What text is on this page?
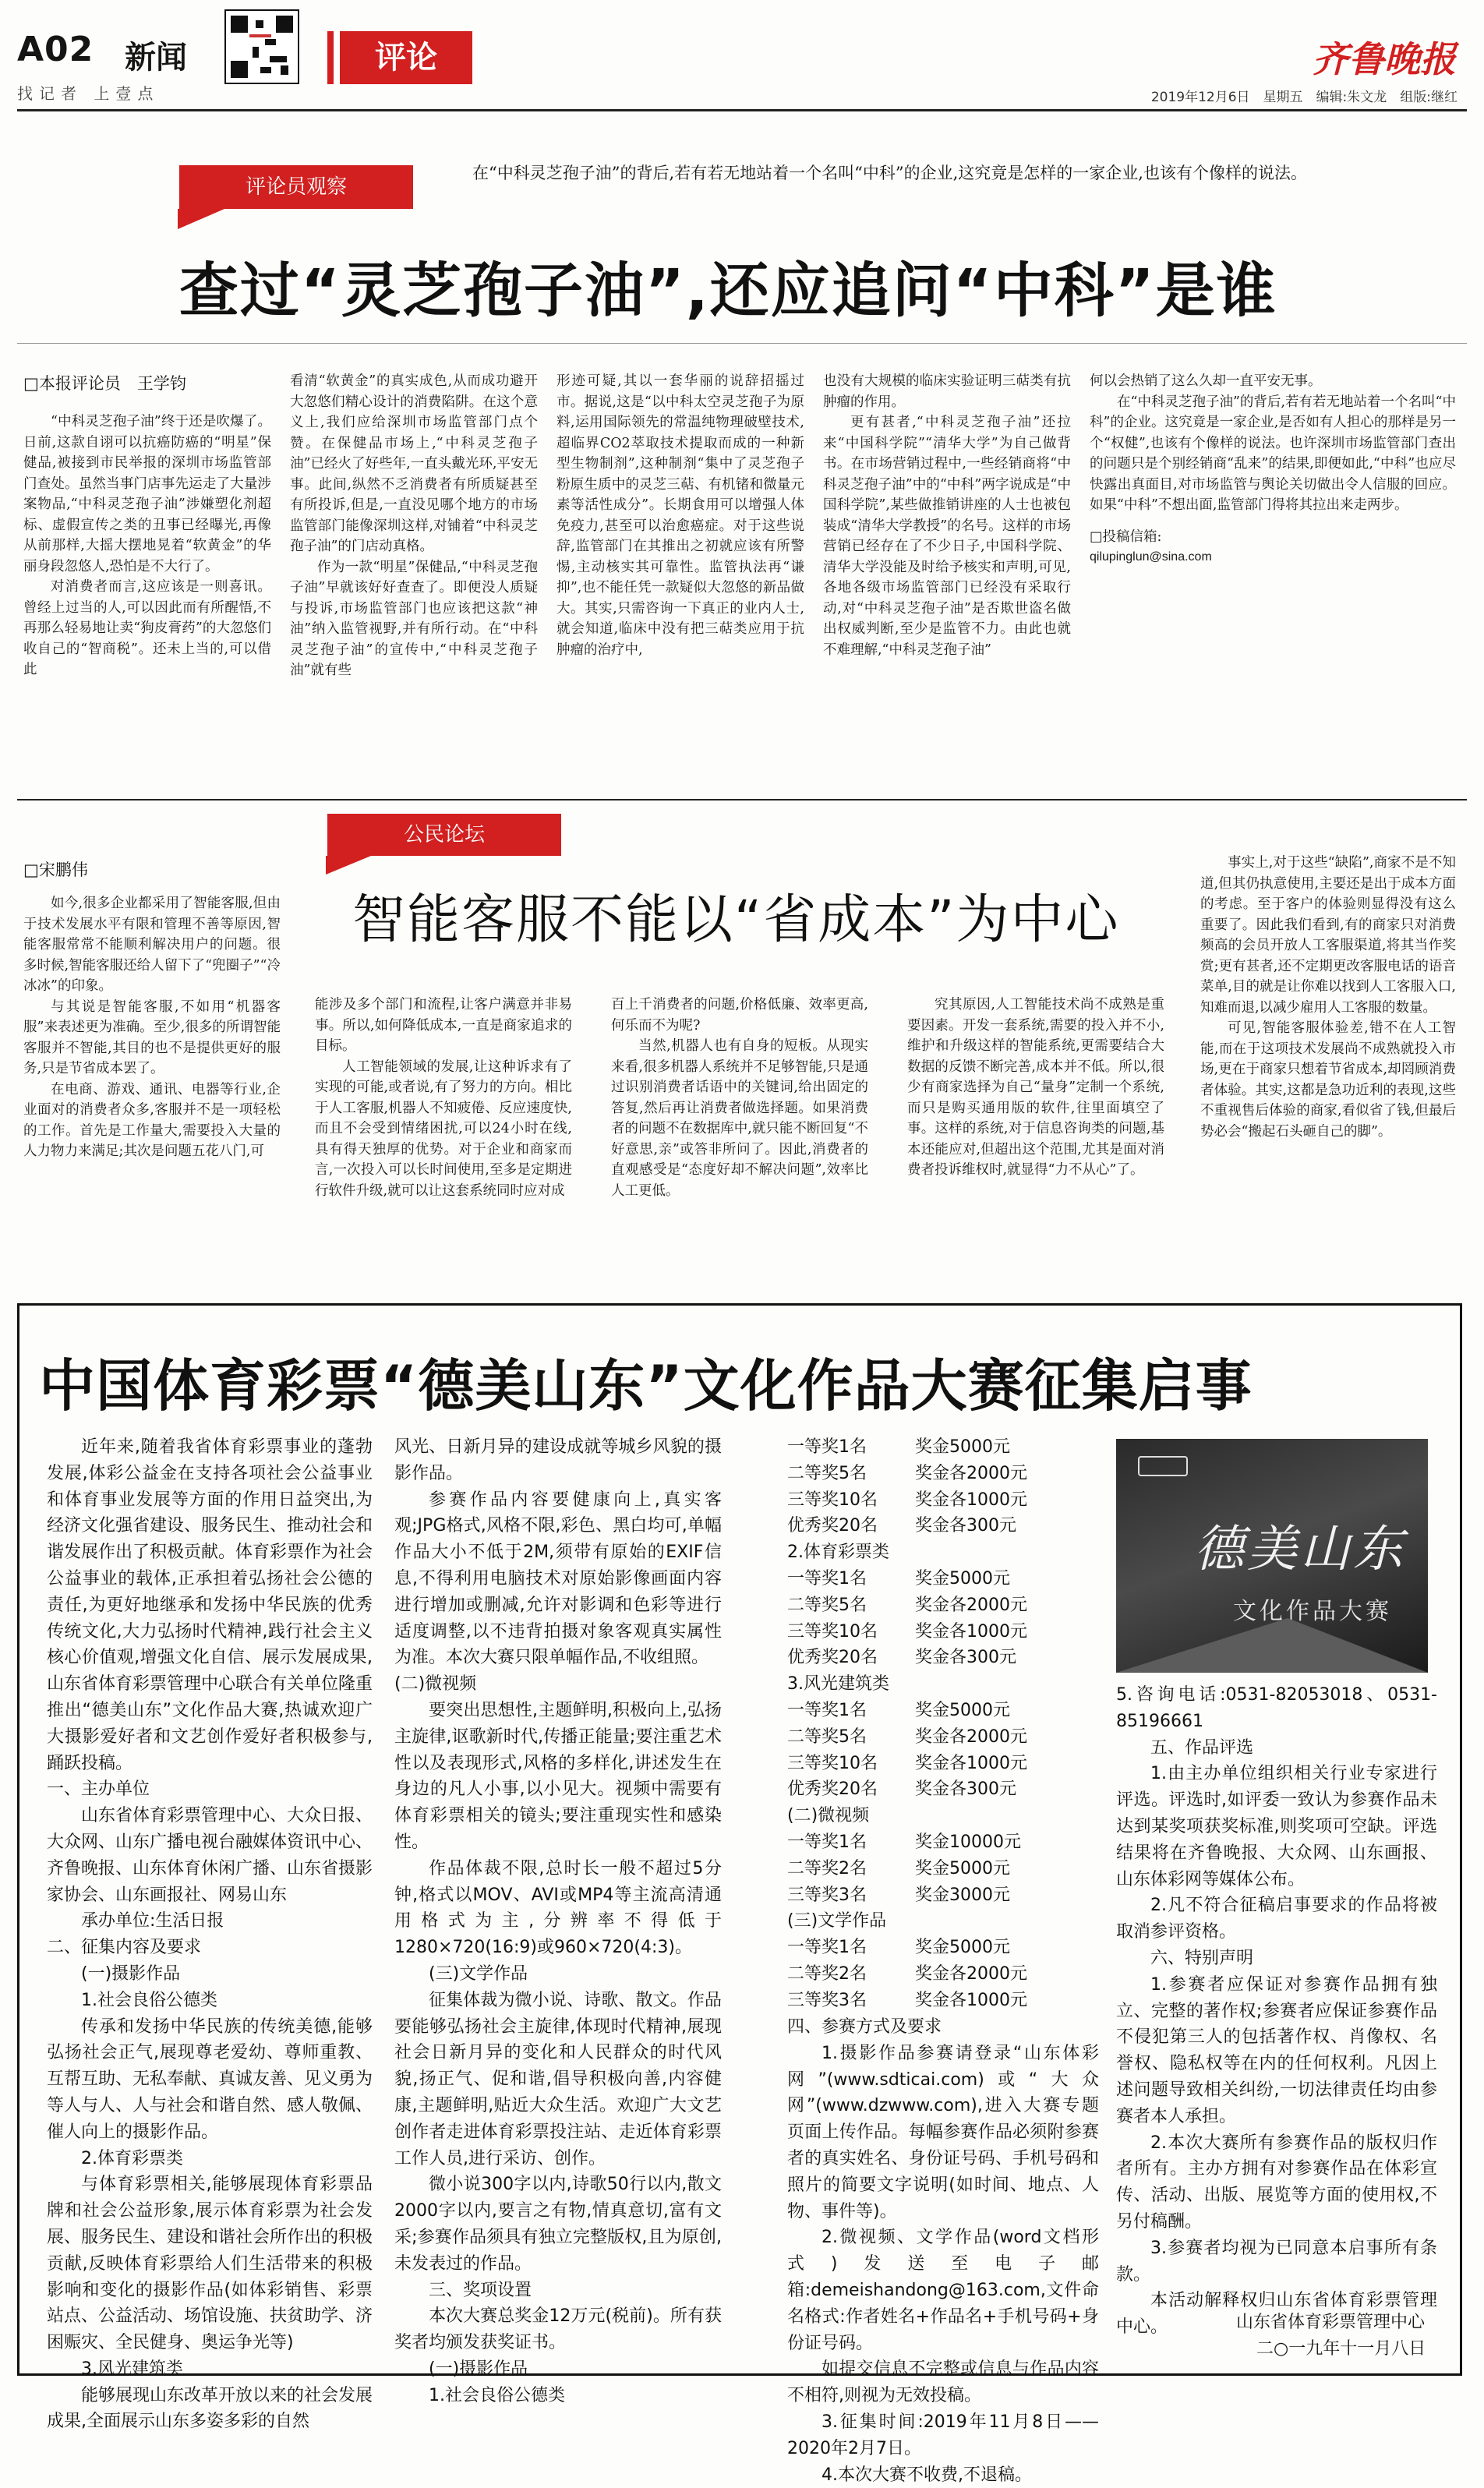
A02 新闻
找记者 上壹点
评论	齐鲁晚报
2019年12月6日　星期五　编辑:朱文龙　组版:继红
评论员观察
在“中科灵芝孢子油”的背后,若有若无地站着一个名叫“中科”的企业,这究竟是怎样的一家企业,也该有个像样的说法。
查过“灵芝孢子油”,还应追问“中科”是谁
□本报评论员　王学钧

“中科灵芝孢子油”终于还是吹爆了。日前,这款自诩可以抗癌防癌的“明星”保健品,被接到市民举报的深圳市场监管部门查处。虽然当事门店事先运走了大量涉案物品,“中科灵芝孢子油”涉嫌塑化剂超标、虚假宣传之类的丑事已经曝光,再像从前那样,大摇大摆地晃着“软黄金”的华丽身段忽悠人,恐怕是不大行了。

对消费者而言,这应该是一则喜讯。曾经上过当的人,可以因此而有所醒悟,不再那么轻易地让卖“狗皮膏药”的大忽悠们收自己的“智商税”。还未上当的,可以借此

看清“软黄金”的真实成色,从而成功避开大忽悠们精心设计的消费陷阱。在这个意义上,我们应给深圳市场监管部门点个赞。在保健品市场上,“中科灵芝孢子油”已经火了好些年,一直头戴光环,平安无事。此间,纵然不乏消费者有所质疑甚至有所投诉,但是,一直没见哪个地方的市场监管部门能像深圳这样,对铺着“中科灵芝孢子油”的门店动真格。

作为一款“明星”保健品,“中科灵芝孢子油”早就该好好查查了。即便没人质疑与投诉,市场监管部门也应该把这款“神油”纳入监管视野,并有所行动。在“中科灵芝孢子油”的宣传中,“中科灵芝孢子油”就有些

形迹可疑,其以一套华丽的说辞招摇过市。据说,这是“以中科太空灵芝孢子为原料,运用国际领先的常温纯物理破壁技术,超临界CO2萃取技术提取而成的一种新型生物制剂”,这种制剂“集中了灵芝孢子粉原生质中的灵芝三萜、有机锗和微量元素等活性成分”。长期食用可以增强人体免疫力,甚至可以治愈癌症。对于这些说辞,监管部门在其推出之初就应该有所警惕,主动核实其可靠性。监管执法再“谦抑”,也不能任凭一款疑似大忽悠的新品做大。其实,只需咨询一下真正的业内人士,就会知道,临床中没有把三萜类应用于抗肿瘤的治疗中,

也没有大规模的临床实验证明三萜类有抗肿瘤的作用。

更有甚者,“中科灵芝孢子油”还拉来“中国科学院”“清华大学”为自己做背书。在市场营销过程中,一些经销商将“中科灵芝孢子油”中的“中科”两字说成是“中国科学院”,某些做推销讲座的人士也被包装成“清华大学教授”的名号。这样的市场营销已经存在了不少日子,中国科学院、清华大学没能及时给予核实和声明,可见,各地各级市场监管部门已经没有采取行动,对“中科灵芝孢子油”是否欺世盗名做出权威判断,至少是监管不力。由此也就不难理解,“中科灵芝孢子油”

何以会热销了这么久却一直平安无事。

在“中科灵芝孢子油”的背后,若有若无地站着一个名叫“中科”的企业。这究竟是一家企业,是否如有人担心的那样是另一个“权健”,也该有个像样的说法。也许深圳市场监管部门查出的问题只是个别经销商“乱来”的结果,即便如此,“中科”也应尽快露出真面目,对市场监管与舆论关切做出令人信服的回应。如果“中科”不想出面,监管部门得将其拉出来走两步。

□投稿信箱:

qilupinglun@sina.com

公民论坛
智能客服不能以“省成本”为中心
□宋鹏伟

如今,很多企业都采用了智能客服,但由于技术发展水平有限和管理不善等原因,智能客服常常不能顺利解决用户的问题。很多时候,智能客服还给人留下了“兜圈子”“冷冰冰”的印象。

与其说是智能客服,不如用“机器客服”来表述更为准确。至少,很多的所谓智能客服并不智能,其目的也不是提供更好的服务,只是节省成本罢了。

在电商、游戏、通讯、电器等行业,企业面对的消费者众多,客服并不是一项轻松的工作。首先是工作量大,需要投入大量的人力物力来满足;其次是问题五花八门,可

能涉及多个部门和流程,让客户满意并非易事。所以,如何降低成本,一直是商家追求的目标。

人工智能领域的发展,让这种诉求有了实现的可能,或者说,有了努力的方向。相比于人工客服,机器人不知疲倦、反应速度快,而且不会受到情绪困扰,可以24小时在线,具有得天独厚的优势。对于企业和商家而言,一次投入可以长时间使用,至多是定期进行软件升级,就可以让这套系统同时应对成

百上千消费者的问题,价格低廉、效率更高,何乐而不为呢?

当然,机器人也有自身的短板。从现实来看,很多机器人系统并不足够智能,只是通过识别消费者话语中的关键词,给出固定的答复,然后再让消费者做选择题。如果消费者的问题不在数据库中,就只能不断回复“不好意思,亲”或答非所问了。因此,消费者的直观感受是“态度好却不解决问题”,效率比人工更低。

究其原因,人工智能技术尚不成熟是重要因素。开发一套系统,需要的投入并不小,维护和升级这样的智能系统,更需要结合大数据的反馈不断完善,成本并不低。所以,很少有商家选择为自己“量身”定制一个系统,而只是购买通用版的软件,往里面填空了事。这样的系统,对于信息咨询类的问题,基本还能应对,但超出这个范围,尤其是面对消费者投诉维权时,就显得“力不从心”了。

事实上,对于这些“缺陷”,商家不是不知道,但其仍执意使用,主要还是出于成本方面的考虑。至于客户的体验则显得没有这么重要了。因此我们看到,有的商家只对消费频高的会员开放人工客服渠道,将其当作奖赏;更有甚者,还不定期更改客服电话的语音菜单,目的就是让你难以找到人工客服入口,知难而退,以减少雇用人工客服的数量。

可见,智能客服体验差,错不在人工智能,而在于这项技术发展尚不成熟就投入市场,更在于商家只想着节省成本,却罔顾消费者体验。其实,这都是急功近利的表现,这些不重视售后体验的商家,看似省了钱,但最后势必会“搬起石头砸自己的脚”。

中国体育彩票“德美山东”文化作品大赛征集启事

近年来,随着我省体育彩票事业的蓬勃发展,体彩公益金在支持各项社会公益事业和体育事业发展等方面的作用日益突出,为经济文化强省建设、服务民生、推动社会和谐发展作出了积极贡献。体育彩票作为社会公益事业的载体,正承担着弘扬社会公德的责任,为更好地继承和发扬中华民族的优秀传统文化,大力弘扬时代精神,践行社会主义核心价值观,增强文化自信、展示发展成果,山东省体育彩票管理中心联合有关单位隆重推出“德美山东”文化作品大赛,热诚欢迎广大摄影爱好者和文艺创作爱好者积极参与,踊跃投稿。

一、主办单位

山东省体育彩票管理中心、大众日报、大众网、山东广播电视台融媒体资讯中心、齐鲁晚报、山东体育休闲广播、山东省摄影家协会、山东画报社、网易山东

承办单位:生活日报

二、征集内容及要求

(一)摄影作品

1.社会良俗公德类

传承和发扬中华民族的传统美德,能够弘扬社会正气,展现尊老爱幼、尊师重教、互帮互助、无私奉献、真诚友善、见义勇为等人与人、人与社会和谐自然、感人敬佩、催人向上的摄影作品。

2.体育彩票类

与体育彩票相关,能够展现体育彩票品牌和社会公益形象,展示体育彩票为社会发展、服务民生、建设和谐社会所作出的积极贡献,反映体育彩票给人们生活带来的积极影响和变化的摄影作品(如体彩销售、彩票站点、公益活动、场馆设施、扶贫助学、济困赈灾、全民健身、奥运争光等)

3.风光建筑类

能够展现山东改革开放以来的社会发展成果,全面展示山东多姿多彩的自然

风光、日新月异的建设成就等城乡风貌的摄影作品。

参赛作品内容要健康向上,真实客观;JPG格式,风格不限,彩色、黑白均可,单幅作品大小不低于2M,须带有原始的EXIF信息,不得利用电脑技术对原始影像画面内容进行增加或删减,允许对影调和色彩等进行适度调整,以不违背拍摄对象客观真实属性为准。本次大赛只限单幅作品,不收组照。

(二)微视频

要突出思想性,主题鲜明,积极向上,弘扬主旋律,讴歌新时代,传播正能量;要注重艺术性以及表现形式,风格的多样化,讲述发生在身边的凡人小事,以小见大。视频中需要有体育彩票相关的镜头;要注重现实性和感染性。

作品体裁不限,总时长一般不超过5分钟,格式以MOV、AVI或MP4等主流高清通用格式为主,分辨率不得低于1280×720(16:9)或960×720(4:3)。

(三)文学作品

征集体裁为微小说、诗歌、散文。作品要能够弘扬社会主旋律,体现时代精神,展现社会日新月异的变化和人民群众的时代风貌,扬正气、促和谐,倡导积极向善,内容健康,主题鲜明,贴近大众生活。欢迎广大文艺创作者走进体育彩票投注站、走近体育彩票工作人员,进行采访、创作。

微小说300字以内,诗歌50行以内,散文2000字以内,要言之有物,情真意切,富有文采;参赛作品须具有独立完整版权,且为原创,未发表过的作品。

三、奖项设置

本次大赛总奖金12万元(税前)。所有获奖者均颁发获奖证书。

(一)摄影作品

1.社会良俗公德类

一等奖1名	奖金5000元
二等奖5名	奖金各2000元
三等奖10名	奖金各1000元
优秀奖20名	奖金各300元
2.体育彩票类
一等奖1名	奖金5000元
二等奖5名	奖金各2000元
三等奖10名	奖金各1000元
优秀奖20名	奖金各300元
3.风光建筑类
一等奖1名	奖金5000元
二等奖5名	奖金各2000元
三等奖10名	奖金各1000元
优秀奖20名	奖金各300元
(二)微视频
一等奖1名	奖金10000元
二等奖2名	奖金5000元
三等奖3名	奖金3000元
(三)文学作品
一等奖1名	奖金5000元
二等奖2名	奖金各2000元
三等奖3名	奖金各1000元

四、参赛方式及要求

1.摄影作品参赛请登录“山东体彩网”(www.sdticai.com)或“大众网”(www.dzwww.com),进入大赛专题页面上传作品。每幅参赛作品必须附参赛者的真实姓名、身份证号码、手机号码和照片的简要文字说明(如时间、地点、人物、事件等)。

2.微视频、文学作品(word文档形式)发送至电子邮箱:demeishandong@163.com,文件命名格式:作者姓名+作品名+手机号码+身份证号码。

如提交信息不完整或信息与作品内容不相符,则视为无效投稿。

3.征集时间:2019年11月8日——2020年2月7日。

4.本次大赛不收费,不退稿。

德美山东
文化作品大赛

5.咨询电话:0531-82053018、0531-85196661

五、作品评选

1.由主办单位组织相关行业专家进行评选。评选时,如评委一致认为参赛作品未达到某奖项获奖标准,则奖项可空缺。评选结果将在齐鲁晚报、大众网、山东画报、山东体彩网等媒体公布。

2.凡不符合征稿启事要求的作品将被取消参评资格。

六、特别声明

1.参赛者应保证对参赛作品拥有独立、完整的著作权;参赛者应保证参赛作品不侵犯第三人的包括著作权、肖像权、名誉权、隐私权等在内的任何权利。凡因上述问题导致相关纠纷,一切法律责任均由参赛者本人承担。

2.本次大赛所有参赛作品的版权归作者所有。主办方拥有对参赛作品在体彩宣传、活动、出版、展览等方面的使用权,不另付稿酬。

3.参赛者均视为已同意本启事所有条款。

本活动解释权归山东省体育彩票管理中心。	山东省体育彩票管理中心
二○一九年十一月八日
